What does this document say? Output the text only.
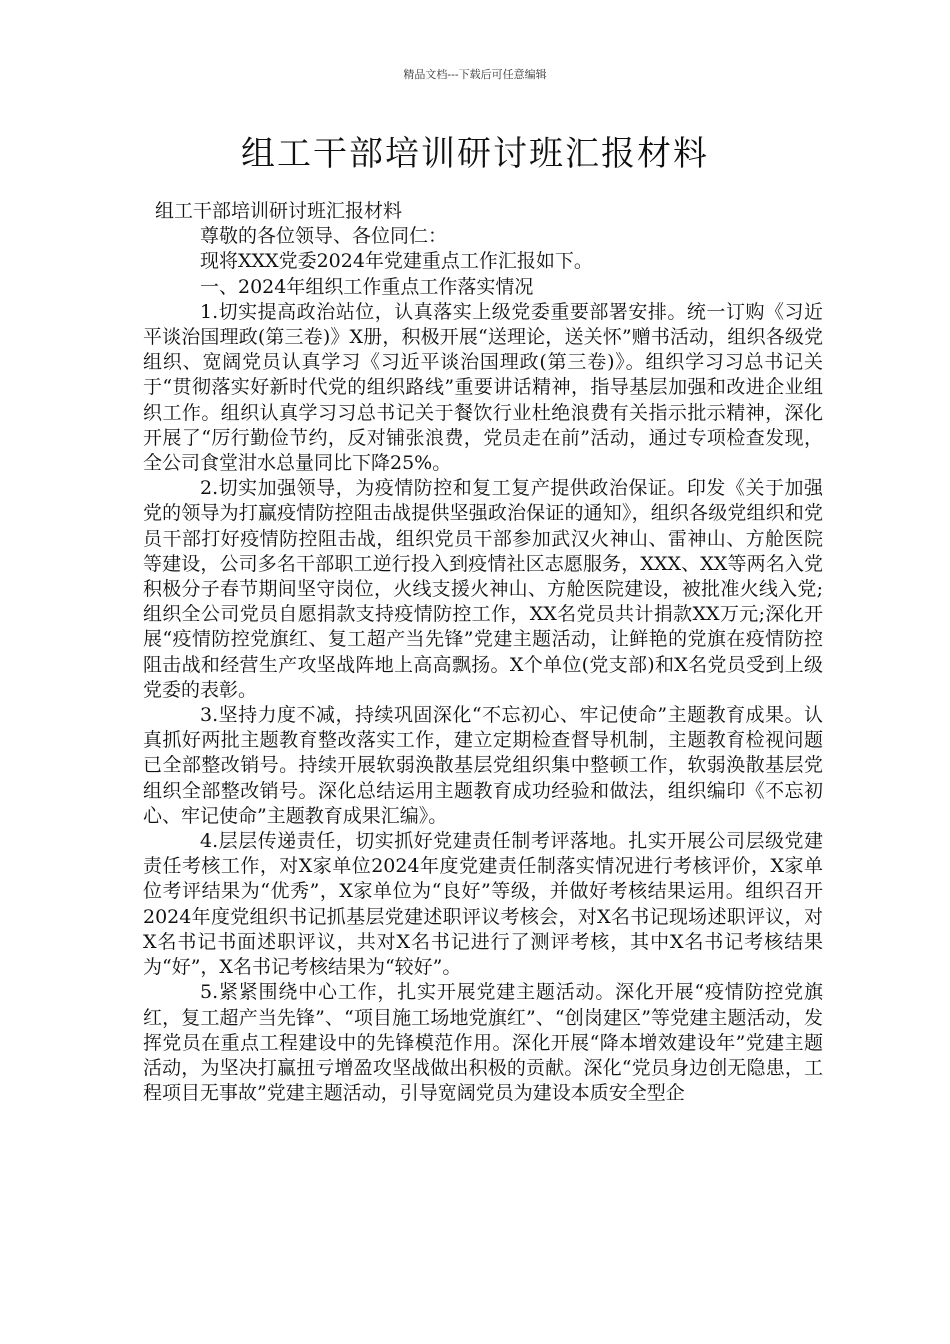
精品文档---下载后可任意编辑
组工干部培训研讨班汇报材料

组工干部培训研讨班汇报材料

尊敬的各位领导、各位同仁：

现将XXX党委2024年党建重点工作汇报如下。

一、2024年组织工作重点工作落实情况

1.切实提高政治站位，认真落实上级党委重要部署安排。统一订购《习近平谈治国理政(第三卷)》X册，积极开展“送理论，送关怀”赠书活动，组织各级党组织、宽阔党员认真学习《习近平谈治国理政(第三卷)》。组织学习习总书记关于“贯彻落实好新时代党的组织路线”重要讲话精神，指导基层加强和改进企业组织工作。组织认真学习习总书记关于餐饮行业杜绝浪费有关指示批示精神，深化开展了“厉行勤俭节约，反对铺张浪费，党员走在前”活动，通过专项检查发现，全公司食堂泔水总量同比下降25%。

2.切实加强领导，为疫情防控和复工复产提供政治保证。印发《关于加强党的领导为打赢疫情防控阻击战提供坚强政治保证的通知》，组织各级党组织和党员干部打好疫情防控阻击战，组织党员干部参加武汉火神山、雷神山、方舱医院等建设，公司多名干部职工逆行投入到疫情社区志愿服务，XXX、XX等两名入党积极分子春节期间坚守岗位，火线支援火神山、方舱医院建设，被批准火线入党;组织全公司党员自愿捐款支持疫情防控工作，XX名党员共计捐款XX万元;深化开展“疫情防控党旗红、复工超产当先锋”党建主题活动，让鲜艳的党旗在疫情防控阻击战和经营生产攻坚战阵地上高高飘扬。X个单位(党支部)和X名党员受到上级党委的表彰。

3.坚持力度不减，持续巩固深化“不忘初心、牢记使命”主题教育成果。认真抓好两批主题教育整改落实工作，建立定期检查督导机制，主题教育检视问题已全部整改销号。持续开展软弱涣散基层党组织集中整顿工作，软弱涣散基层党组织全部整改销号。深化总结运用主题教育成功经验和做法，组织编印《不忘初心、牢记使命”主题教育成果汇编》。

4.层层传递责任，切实抓好党建责任制考评落地。扎实开展公司层级党建责任考核工作，对X家单位2024年度党建责任制落实情况进行考核评价，X家单位考评结果为“优秀”，X家单位为“良好”等级，并做好考核结果运用。组织召开2024年度党组织书记抓基层党建述职评议考核会，对X名书记现场述职评议，对X名书记书面述职评议，共对X名书记进行了测评考核，其中X名书记考核结果为“好”，X名书记考核结果为“较好”。

5.紧紧围绕中心工作，扎实开展党建主题活动。深化开展“疫情防控党旗红，复工超产当先锋”、“项目施工场地党旗红”、“创岗建区”等党建主题活动，发挥党员在重点工程建设中的先锋模范作用。深化开展“降本增效建设年”党建主题活动，为坚决打赢扭亏增盈攻坚战做出积极的贡献。深化“党员身边创无隐患，工程项目无事故”党建主题活动，引导宽阔党员为建设本质安全型企
